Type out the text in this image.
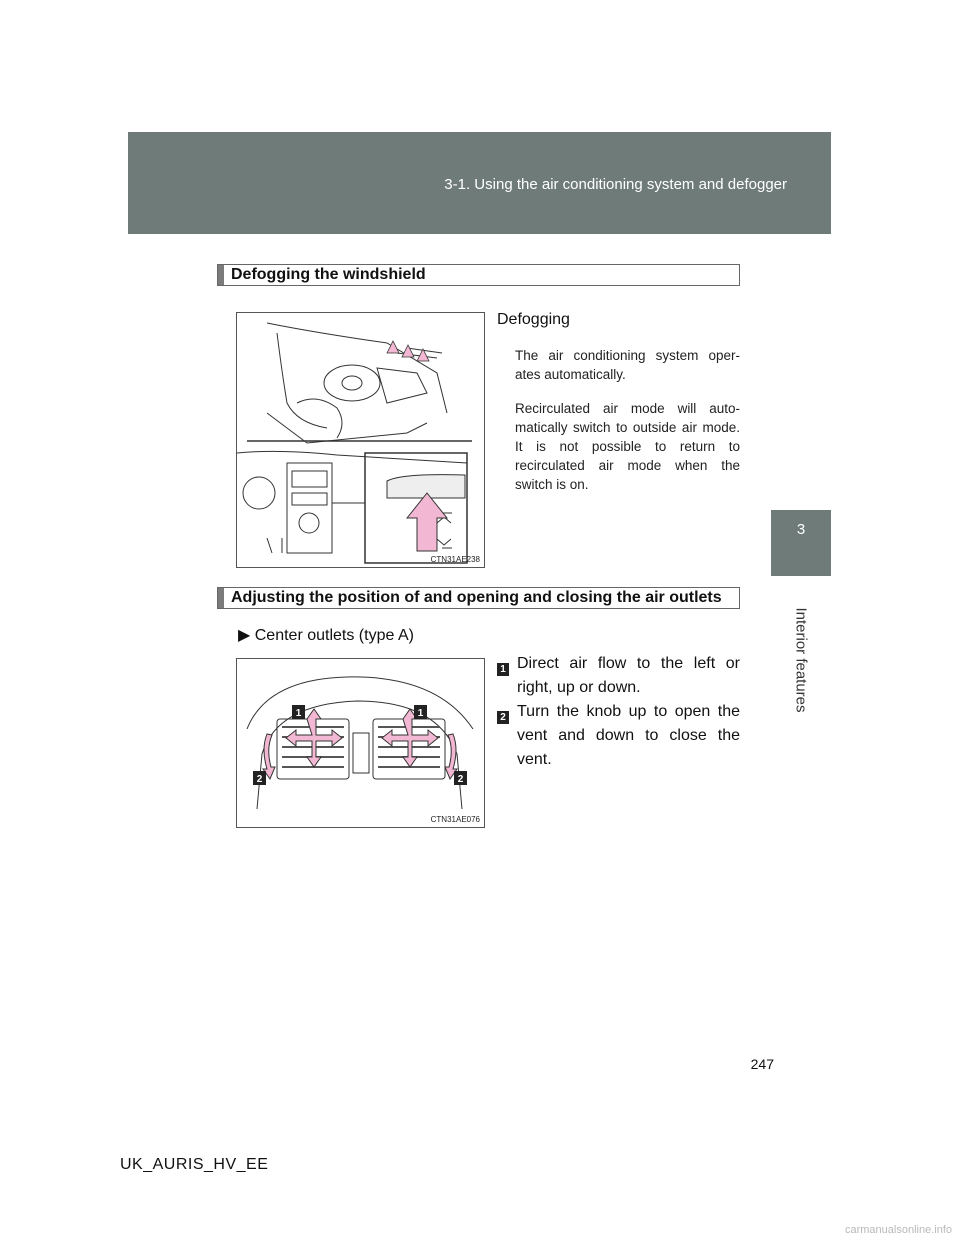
3-1. Using the air conditioning system and defogger
3
Interior features
Defogging the windshield
CTN31AE238
Defogging
The air conditioning system oper-ates automatically.
Recirculated air mode will auto-matically switch to outside air mode. It is not possible to return to recirculated air mode when the switch is on.
Adjusting the position of and opening and closing the air outlets
▶ Center outlets (type A)
1	1
2	2
CTN31AE076
1 Direct air flow to the left or right, up or down.
2 Turn the knob up to open the vent and down to close the vent.
247
UK_AURIS_HV_EE
carmanualsonline.info
